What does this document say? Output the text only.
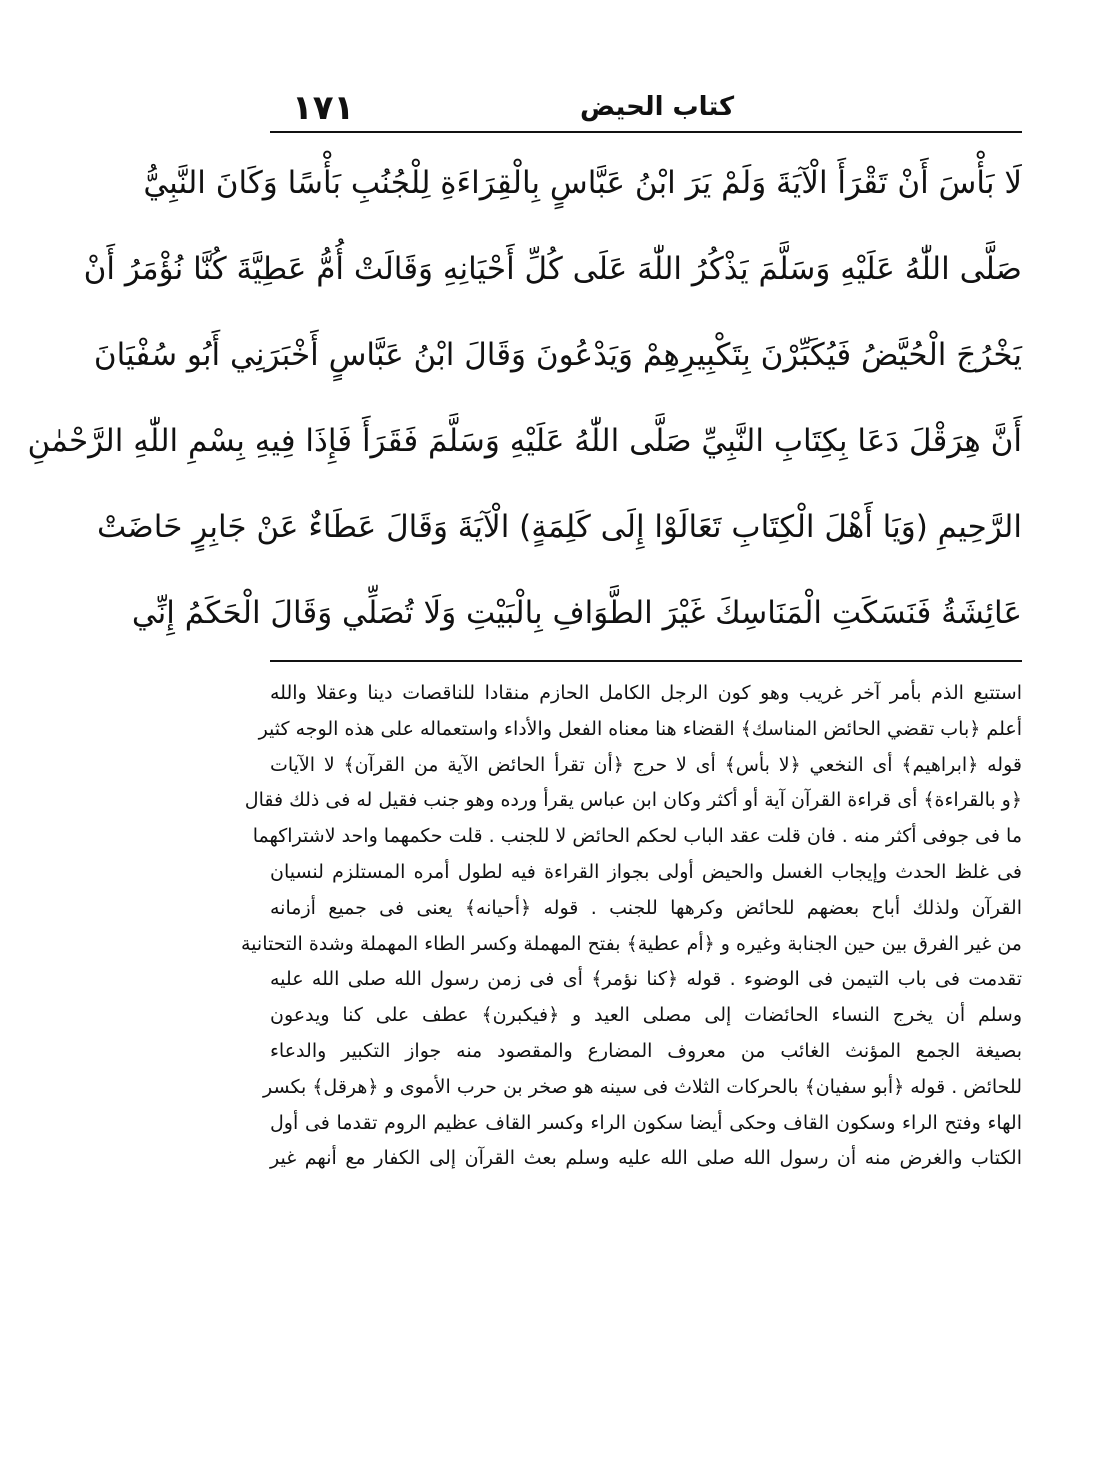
١٧١	كتاب الحيض
لَا بَأْسَ أَنْ تَقْرَأَ الْآيَةَ وَلَمْ يَرَ ابْنُ عَبَّاسٍ بِالْقِرَاءَةِ لِلْجُنُبِ بَأْسًا وَكَانَ النَّبِيُّ
صَلَّى اللّٰهُ عَلَيْهِ وَسَلَّمَ يَذْكُرُ اللّٰهَ عَلَى كُلِّ أَحْيَانِهِ وَقَالَتْ أُمُّ عَطِيَّةَ كُنَّا نُؤْمَرُ أَنْ
يَخْرُجَ الْحُيَّضُ فَيُكَبِّرْنَ بِتَكْبِيرِهِمْ وَيَدْعُونَ وَقَالَ ابْنُ عَبَّاسٍ أَخْبَرَنِي أَبُو سُفْيَانَ
أَنَّ هِرَقْلَ دَعَا بِكِتَابِ النَّبِيِّ صَلَّى اللّٰهُ عَلَيْهِ وَسَلَّمَ فَقَرَأَ فَإِذَا فِيهِ بِسْمِ اللّٰهِ الرَّحْمٰنِ
الرَّحِيمِ (وَيَا أَهْلَ الْكِتَابِ تَعَالَوْا إِلَى كَلِمَةٍ) الْآيَةَ وَقَالَ عَطَاءٌ عَنْ جَابِرٍ حَاضَتْ
عَائِشَةُ فَنَسَكَتِ الْمَنَاسِكَ غَيْرَ الطَّوَافِ بِالْبَيْتِ وَلَا تُصَلِّي وَقَالَ الْحَكَمُ إِنِّي
استتبع الذم بأمر آخر غريب وهو كون الرجل الكامل الحازم منقادا للناقصات دينا وعقلا والله
أعلم ﴿باب تقضي الحائض المناسك﴾ القضاء هنا معناه الفعل والأداء واستعماله على هذه الوجه كثير
قوله ﴿ابراهيم﴾ أى النخعي ﴿لا بأس﴾ أى لا حرج ﴿أن تقرأ الحائض الآية من القرآن﴾ لا الآيات
﴿و بالقراءة﴾ أى قراءة القرآن آية أو أكثر وكان ابن عباس يقرأ ورده وهو جنب فقيل له فى ذلك فقال
ما فى جوفى أكثر منه . فان قلت عقد الباب لحكم الحائض لا للجنب . قلت حكمهما واحد لاشتراكهما
فى غلظ الحدث وإيجاب الغسل والحيض أولى بجواز القراءة فيه لطول أمره المستلزم لنسيان
القرآن ولذلك أباح بعضهم للحائض وكرهها للجنب . قوله ﴿أحيانه﴾ يعنى فى جميع أزمانه
من غير الفرق بين حين الجنابة وغيره و ﴿أم عطية﴾ بفتح المهملة وكسر الطاء المهملة وشدة التحتانية
تقدمت فى باب التيمن فى الوضوء . قوله ﴿كنا نؤمر﴾ أى فى زمن رسول الله صلى الله عليه
وسلم أن يخرج النساء الحائضات إلى مصلى العيد و ﴿فيكبرن﴾ عطف على كنا ويدعون
بصيغة الجمع المؤنث الغائب من معروف المضارع والمقصود منه جواز التكبير والدعاء
للحائض . قوله ﴿أبو سفيان﴾ بالحركات الثلاث فى سينه هو صخر بن حرب الأموى و ﴿هرقل﴾ بكسر
الهاء وفتح الراء وسكون القاف وحكى أيضا سكون الراء وكسر القاف عظيم الروم تقدما فى أول
الكتاب والغرض منه أن رسول الله صلى الله عليه وسلم بعث القرآن إلى الكفار مع أنهم غير
